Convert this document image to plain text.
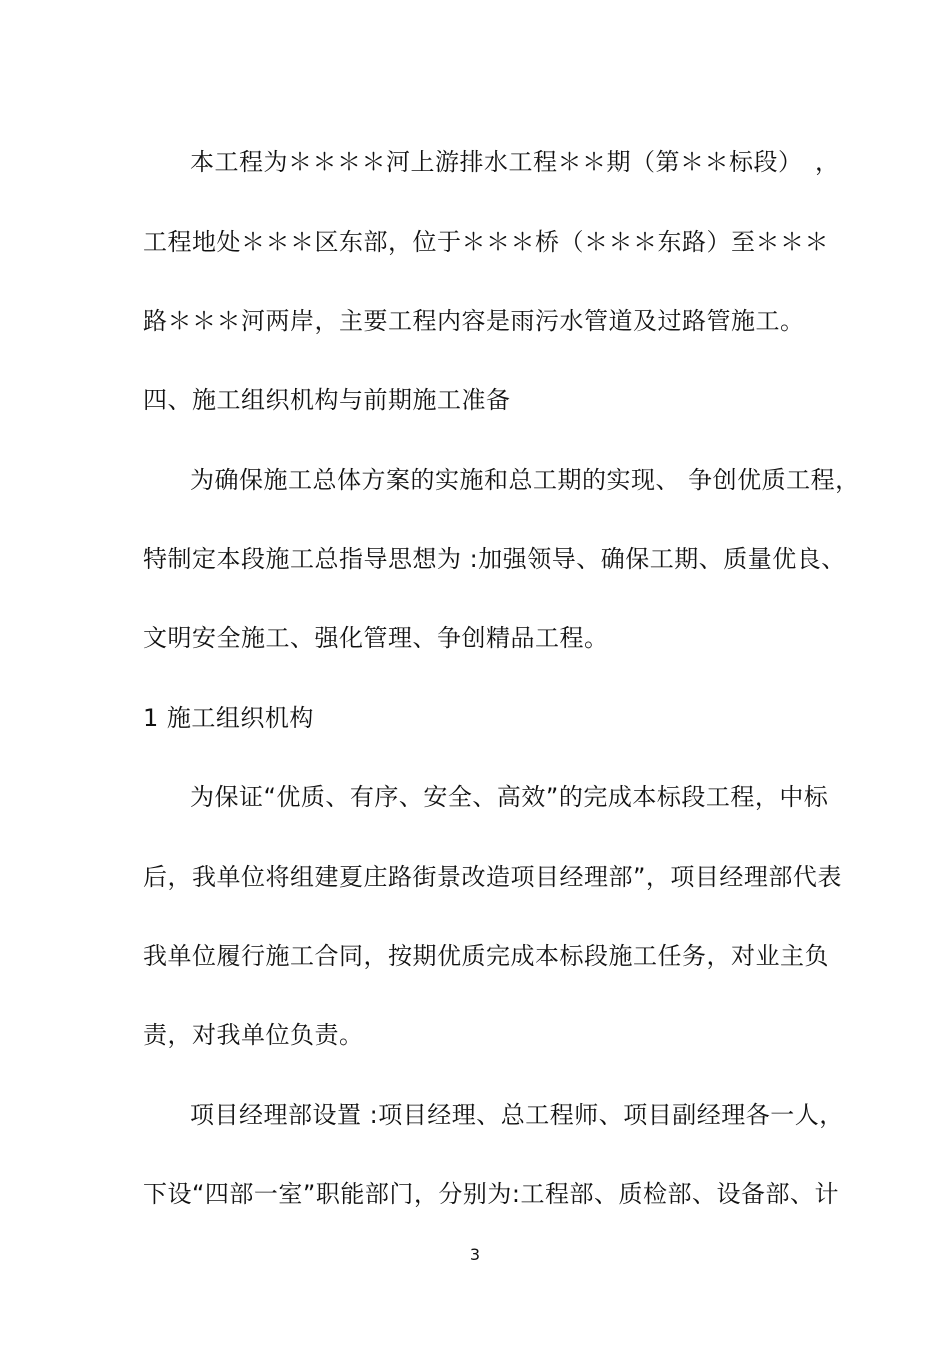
本工程为＊＊＊＊河上游排水工程＊＊期（第＊＊标段）　，
工程地处＊＊＊区东部，位于＊＊＊桥（＊＊＊东路）至＊＊＊
路＊＊＊河两岸，主要工程内容是雨污水管道及过路管施工。
四、施工组织机构与前期施工准备
为确保施工总体方案的实施和总工期的实现、 争创优质工程，
特制定本段施工总指导思想为 :加强领导、确保工期、质量优良、
文明安全施工、强化管理、争创精品工程。
1 施工组织机构
为保证“优质、有序、安全、高效”的完成本标段工程，中标
后，我单位将组建夏庄路街景改造项目经理部”，项目经理部代表
我单位履行施工合同，按期优质完成本标段施工任务，对业主负
责，对我单位负责。
项目经理部设置 :项目经理、总工程师、项目副经理各一人，
下设“四部一室”职能部门，分别为:工程部、质检部、设备部、计
3
